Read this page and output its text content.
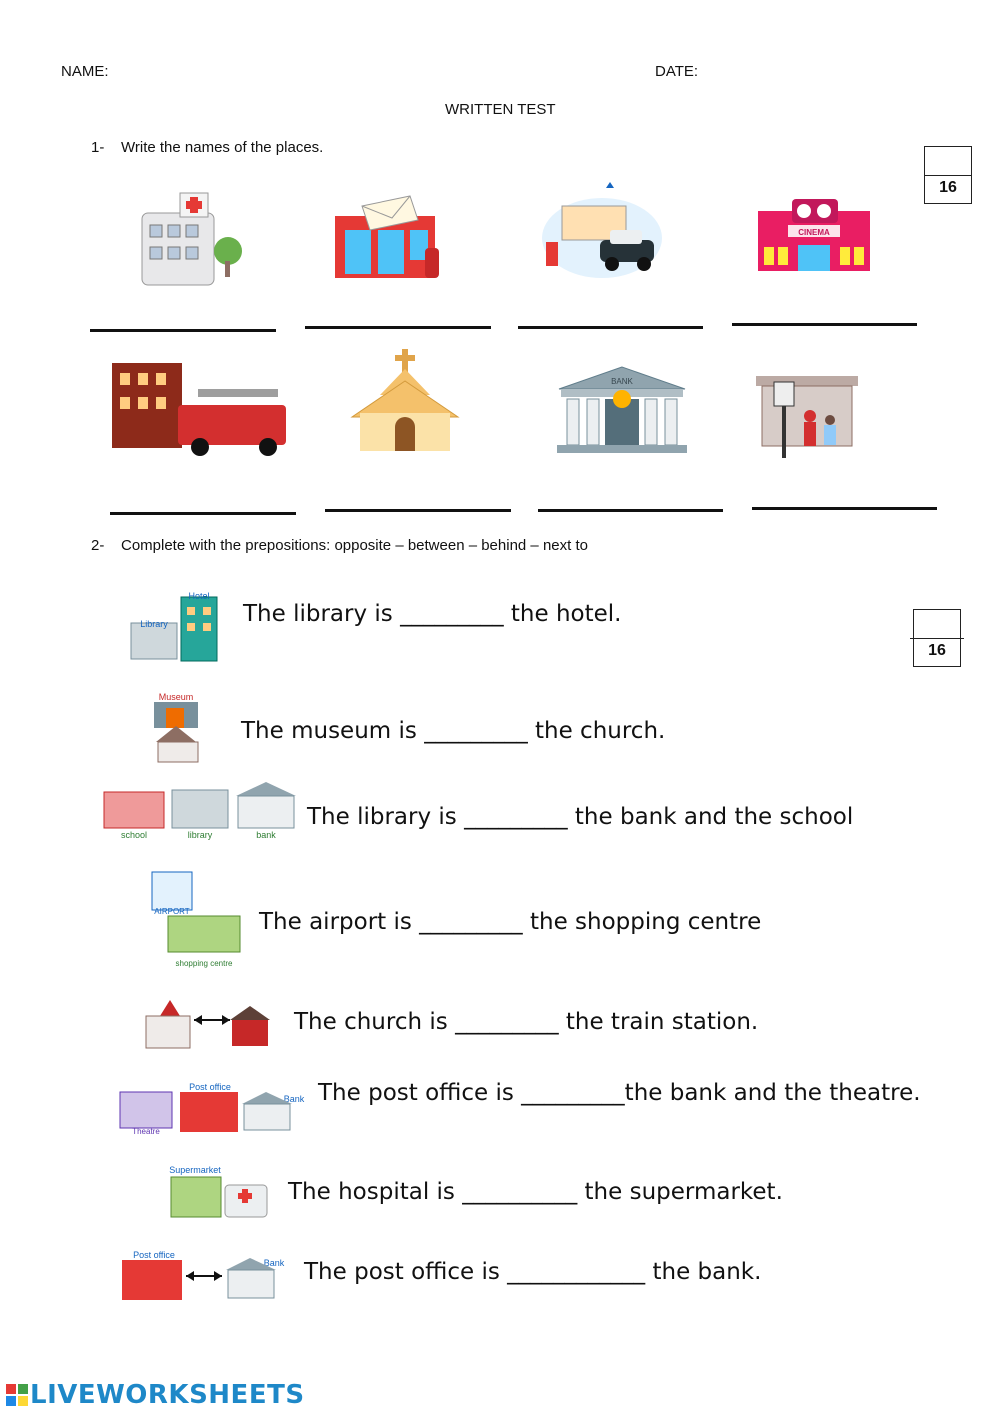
NAME:	DATE:
WRITTEN TEST
1- Write the names of the places.
16
CINEMA
BANK
2- Complete with the prepositions: opposite – between – behind – next to
16
Library
Hotel
The library is _________ the hotel.
Museum
The museum is _________ the church.
school	library	bank
The library is _________ the bank and the school
AIRPORT
shopping centre
The airport is _________ the shopping centre
The church is _________ the train station.
Theatre
Post office
Bank The post office is _________the bank and the theatre.
Supermarket
The hospital is __________ the supermarket.
Post office
Bank The post office is ____________ the bank.
LIVEWORKSHEETS
